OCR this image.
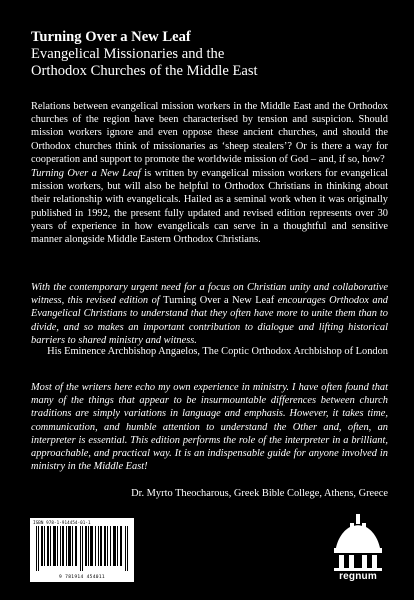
Turning Over a New Leaf
Evangelical Missionaries and the
Orthodox Churches of the Middle East
Relations between evangelical mission workers in the Middle East and the Orthodox churches of the region have been characterised by tension and suspicion. Should mission workers ignore and even oppose these ancient churches, and should the Orthodox churches think of missionaries as ‘sheep stealers’? Or is there a way for cooperation and support to promote the worldwide mission of God – and, if so, how?
Turning Over a New Leaf is written by evangelical mission workers for evangelical mission workers, but will also be helpful to Orthodox Christians in thinking about their relationship with evangelicals. Hailed as a seminal work when it was originally published in 1992, the present fully updated and revised edition represents over 30 years of experience in how evangelicals can serve in a thoughtful and sensitive manner alongside Middle Eastern Orthodox Christians.
With the contemporary urgent need for a focus on Christian unity and collaborative witness, this revised edition of Turning Over a New Leaf encourages Orthodox and Evangelical Christians to understand that they often have more to unite them than to divide, and so makes an important contribution to dialogue and lifting historical barriers to shared ministry and witness.
His Eminence Archbishop Angaelos, The Coptic Orthodox Archbishop of London
Most of the writers here echo my own experience in ministry. I have often found that many of the things that appear to be insurmountable differences between church traditions are simply variations in language and emphasis. However, it takes time, communication, and humble attention to understand the Other and, often, an interpreter is essential. This edition performs the role of the interpreter in a brilliant, approachable, and practical way. It is an indispensable guide for anyone involved in ministry in the Middle East!
Dr. Myrto Theocharous, Greek Bible College, Athens, Greece
ISBN 978-1-914454-01-1
9 781914 454011	regnum
